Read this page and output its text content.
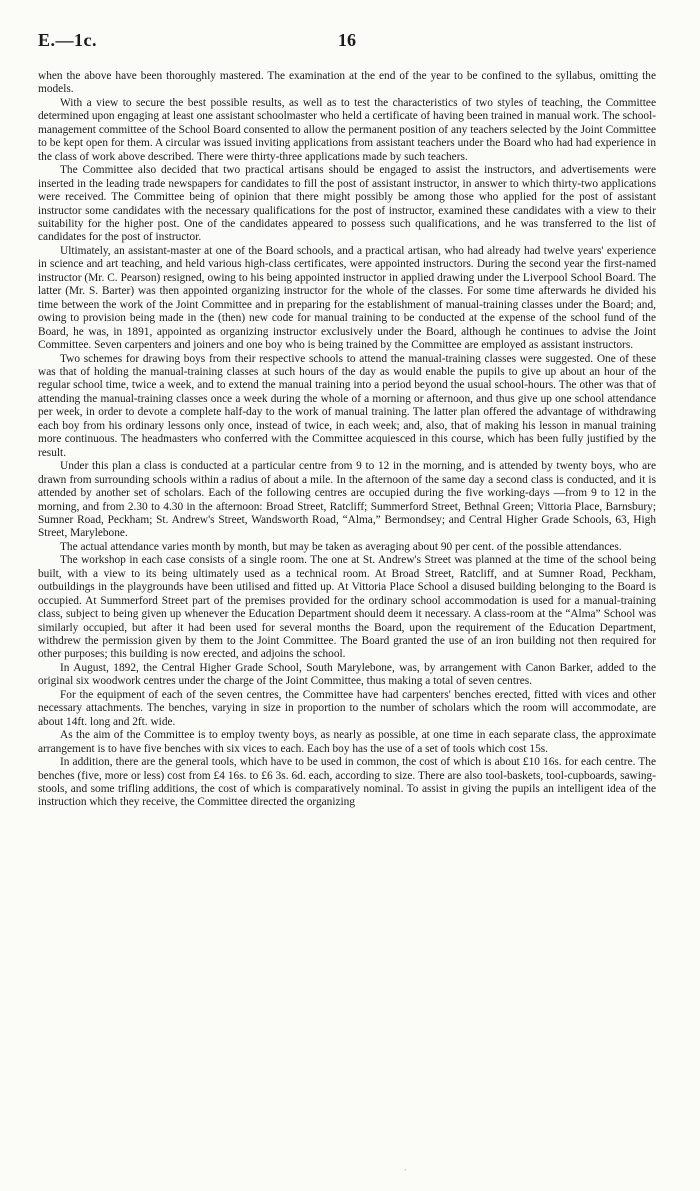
E.—1c.	16

when the above have been thoroughly mastered. The examination at the end of the year to be confined to the syllabus, omitting the models.

With a view to secure the best possible results, as well as to test the characteristics of two styles of teaching, the Committee determined upon engaging at least one assistant schoolmaster who held a certificate of having been trained in manual work. The school-management committee of the School Board consented to allow the permanent position of any teachers selected by the Joint Committee to be kept open for them. A circular was issued inviting applications from assistant teachers under the Board who had had experience in the class of work above described. There were thirty-three applications made by such teachers.

The Committee also decided that two practical artisans should be engaged to assist the instructors, and advertisements were inserted in the leading trade newspapers for candidates to fill the post of assistant instructor, in answer to which thirty-two applications were received. The Committee being of opinion that there might possibly be among those who applied for the post of assistant instructor some candidates with the necessary qualifications for the post of instructor, examined these candidates with a view to their suitability for the higher post. One of the candidates appeared to possess such qualifications, and he was transferred to the list of candidates for the post of instructor.

Ultimately, an assistant-master at one of the Board schools, and a practical artisan, who had already had twelve years' experience in science and art teaching, and held various high-class certificates, were appointed instructors. During the second year the first-named instructor (Mr. C. Pearson) resigned, owing to his being appointed instructor in applied drawing under the Liverpool School Board. The latter (Mr. S. Barter) was then appointed organizing instructor for the whole of the classes. For some time afterwards he divided his time between the work of the Joint Committee and in preparing for the establishment of manual-training classes under the Board; and, owing to provision being made in the (then) new code for manual training to be conducted at the expense of the school fund of the Board, he was, in 1891, appointed as organizing instructor exclusively under the Board, although he continues to advise the Joint Committee. Seven carpenters and joiners and one boy who is being trained by the Committee are employed as assistant instructors.

Two schemes for drawing boys from their respective schools to attend the manual-training classes were suggested. One of these was that of holding the manual-training classes at such hours of the day as would enable the pupils to give up about an hour of the regular school time, twice a week, and to extend the manual training into a period beyond the usual school-hours. The other was that of attending the manual-training classes once a week during the whole of a morning or afternoon, and thus give up one school attendance per week, in order to devote a complete half-day to the work of manual training. The latter plan offered the advantage of withdrawing each boy from his ordinary lessons only once, instead of twice, in each week; and, also, that of making his lesson in manual training more continuous. The headmasters who conferred with the Committee acquiesced in this course, which has been fully justified by the result.

Under this plan a class is conducted at a particular centre from 9 to 12 in the morning, and is attended by twenty boys, who are drawn from surrounding schools within a radius of about a mile. In the afternoon of the same day a second class is conducted, and it is attended by another set of scholars. Each of the following centres are occupied during the five working-days —from 9 to 12 in the morning, and from 2.30 to 4.30 in the afternoon: Broad Street, Ratcliff; Summerford Street, Bethnal Green; Vittoria Place, Barnsbury; Sumner Road, Peckham; St. Andrew's Street, Wandsworth Road, “Alma,” Bermondsey; and Central Higher Grade Schools, 63, High Street, Marylebone.

The actual attendance varies month by month, but may be taken as averaging about 90 per cent. of the possible attendances.

The workshop in each case consists of a single room. The one at St. Andrew's Street was planned at the time of the school being built, with a view to its being ultimately used as a technical room. At Broad Street, Ratcliff, and at Sumner Road, Peckham, outbuildings in the playgrounds have been utilised and fitted up. At Vittoria Place School a disused building belonging to the Board is occupied. At Summerford Street part of the premises provided for the ordinary school accommodation is used for a manual-training class, subject to being given up whenever the Education Department should deem it necessary. A class-room at the “Alma” School was similarly occupied, but after it had been used for several months the Board, upon the requirement of the Education Department, withdrew the permission given by them to the Joint Committee. The Board granted the use of an iron building not then required for other purposes; this building is now erected, and adjoins the school.

In August, 1892, the Central Higher Grade School, South Marylebone, was, by arrangement with Canon Barker, added to the original six woodwork centres under the charge of the Joint Committee, thus making a total of seven centres.

For the equipment of each of the seven centres, the Committee have had carpenters' benches erected, fitted with vices and other necessary attachments. The benches, varying in size in proportion to the number of scholars which the room will accommodate, are about 14ft. long and 2ft. wide.

As the aim of the Committee is to employ twenty boys, as nearly as possible, at one time in each separate class, the approximate arrangement is to have five benches with six vices to each. Each boy has the use of a set of tools which cost 15s.

In addition, there are the general tools, which have to be used in common, the cost of which is about £10 16s. for each centre. The benches (five, more or less) cost from £4 16s. to £6 3s. 6d. each, according to size. There are also tool-baskets, tool-cupboards, sawing-stools, and some trifling additions, the cost of which is comparatively nominal. To assist in giving the pupils an intelligent idea of the instruction which they receive, the Committee directed the organizing

ˊ
